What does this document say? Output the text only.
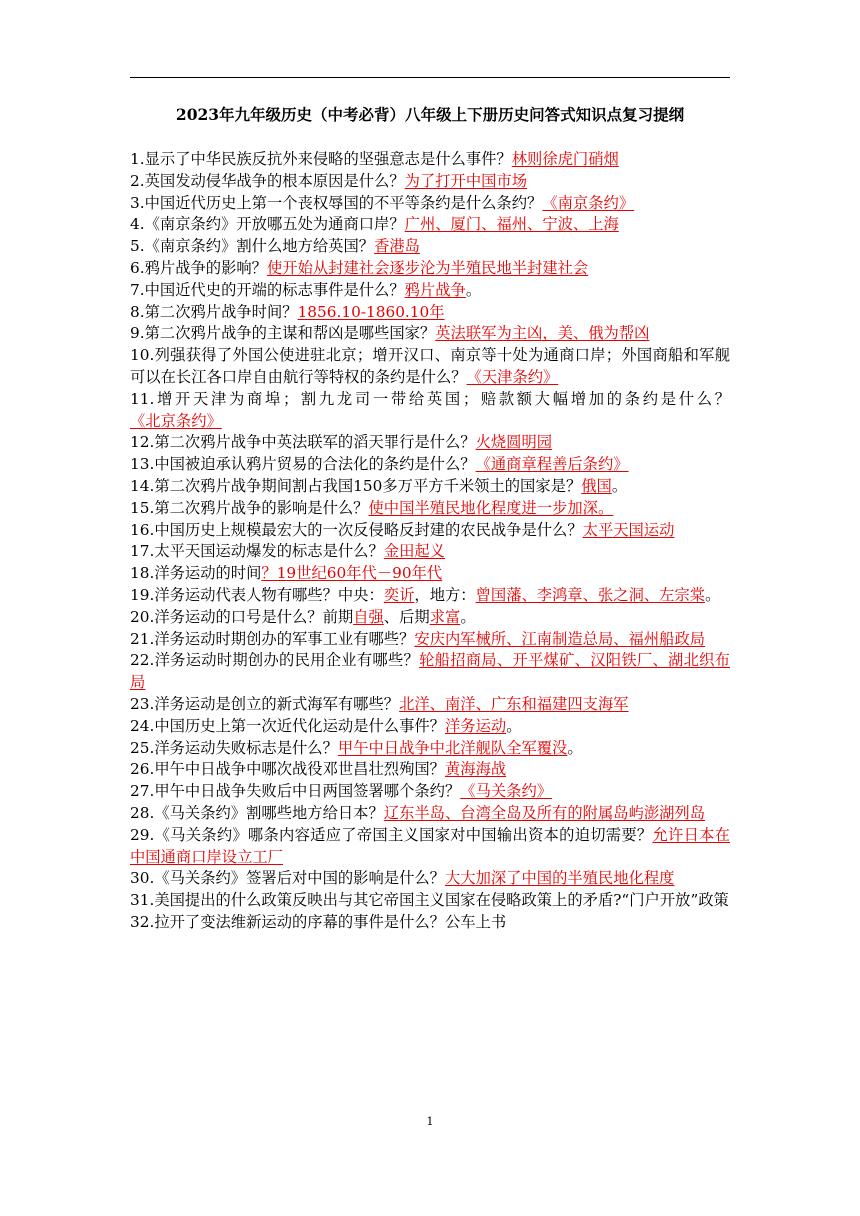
2023年九年级历史（中考必背）八年级上下册历史问答式知识点复习提纲
1.显示了中华民族反抗外来侵略的坚强意志是什么事件？林则徐虎门硝烟
2.英国发动侵华战争的根本原因是什么？为了打开中国市场
3.中国近代历史上第一个丧权辱国的不平等条约是什么条约？《南京条约》
4.《南京条约》开放哪五处为通商口岸？广州、厦门、福州、宁波、上海
5.《南京条约》割什么地方给英国？香港岛
6.鸦片战争的影响？使开始从封建社会逐步沦为半殖民地半封建社会
7.中国近代史的开端的标志事件是什么？鸦片战争。
8.第二次鸦片战争时间？1856.10-1860.10年
9.第二次鸦片战争的主谋和帮凶是哪些国家？英法联军为主凶，美、俄为帮凶
10.列强获得了外国公使进驻北京；增开汉口、南京等十处为通商口岸；外国商船和军舰可以在长江各口岸自由航行等特权的条约是什么？《天津条约》
11.增开天津为商埠；割九龙司一带给英国；赔款额大幅增加的条约是什么？《北京条约》
12.第二次鸦片战争中英法联军的滔天罪行是什么？火烧圆明园
13.中国被迫承认鸦片贸易的合法化的条约是什么？《通商章程善后条约》
14.第二次鸦片战争期间割占我国150多万平方千米领土的国家是？俄国。
15.第二次鸦片战争的影响是什么？使中国半殖民地化程度进一步加深。
16.中国历史上规模最宏大的一次反侵略反封建的农民战争是什么？太平天国运动
17.太平天国运动爆发的标志是什么？金田起义
18.洋务运动的时间？19世纪60年代－90年代
19.洋务运动代表人物有哪些？中央：奕䜣，地方：曾国藩、李鸿章、张之洞、左宗棠。
20.洋务运动的口号是什么？前期自强、后期求富。
21.洋务运动时期创办的军事工业有哪些？安庆内军械所、江南制造总局、福州船政局
22.洋务运动时期创办的民用企业有哪些？轮船招商局、开平煤矿、汉阳铁厂、湖北织布局
23.洋务运动是创立的新式海军有哪些？北洋、南洋、广东和福建四支海军
24.中国历史上第一次近代化运动是什么事件？洋务运动。
25.洋务运动失败标志是什么？甲午中日战争中北洋舰队全军覆没。
26.甲午中日战争中哪次战役邓世昌壮烈殉国？黄海海战
27.甲午中日战争失败后中日两国签署哪个条约？《马关条约》
28.《马关条约》割哪些地方给日本？辽东半岛、台湾全岛及所有的附属岛屿澎湖列岛
29.《马关条约》哪条内容适应了帝国主义国家对中国输出资本的迫切需要？允许日本在中国通商口岸设立工厂
30.《马关条约》签署后对中国的影响是什么？大大加深了中国的半殖民地化程度
31.美国提出的什么政策反映出与其它帝国主义国家在侵略政策上的矛盾?“门户开放”政策
32.拉开了变法维新运动的序幕的事件是什么？公车上书
1
